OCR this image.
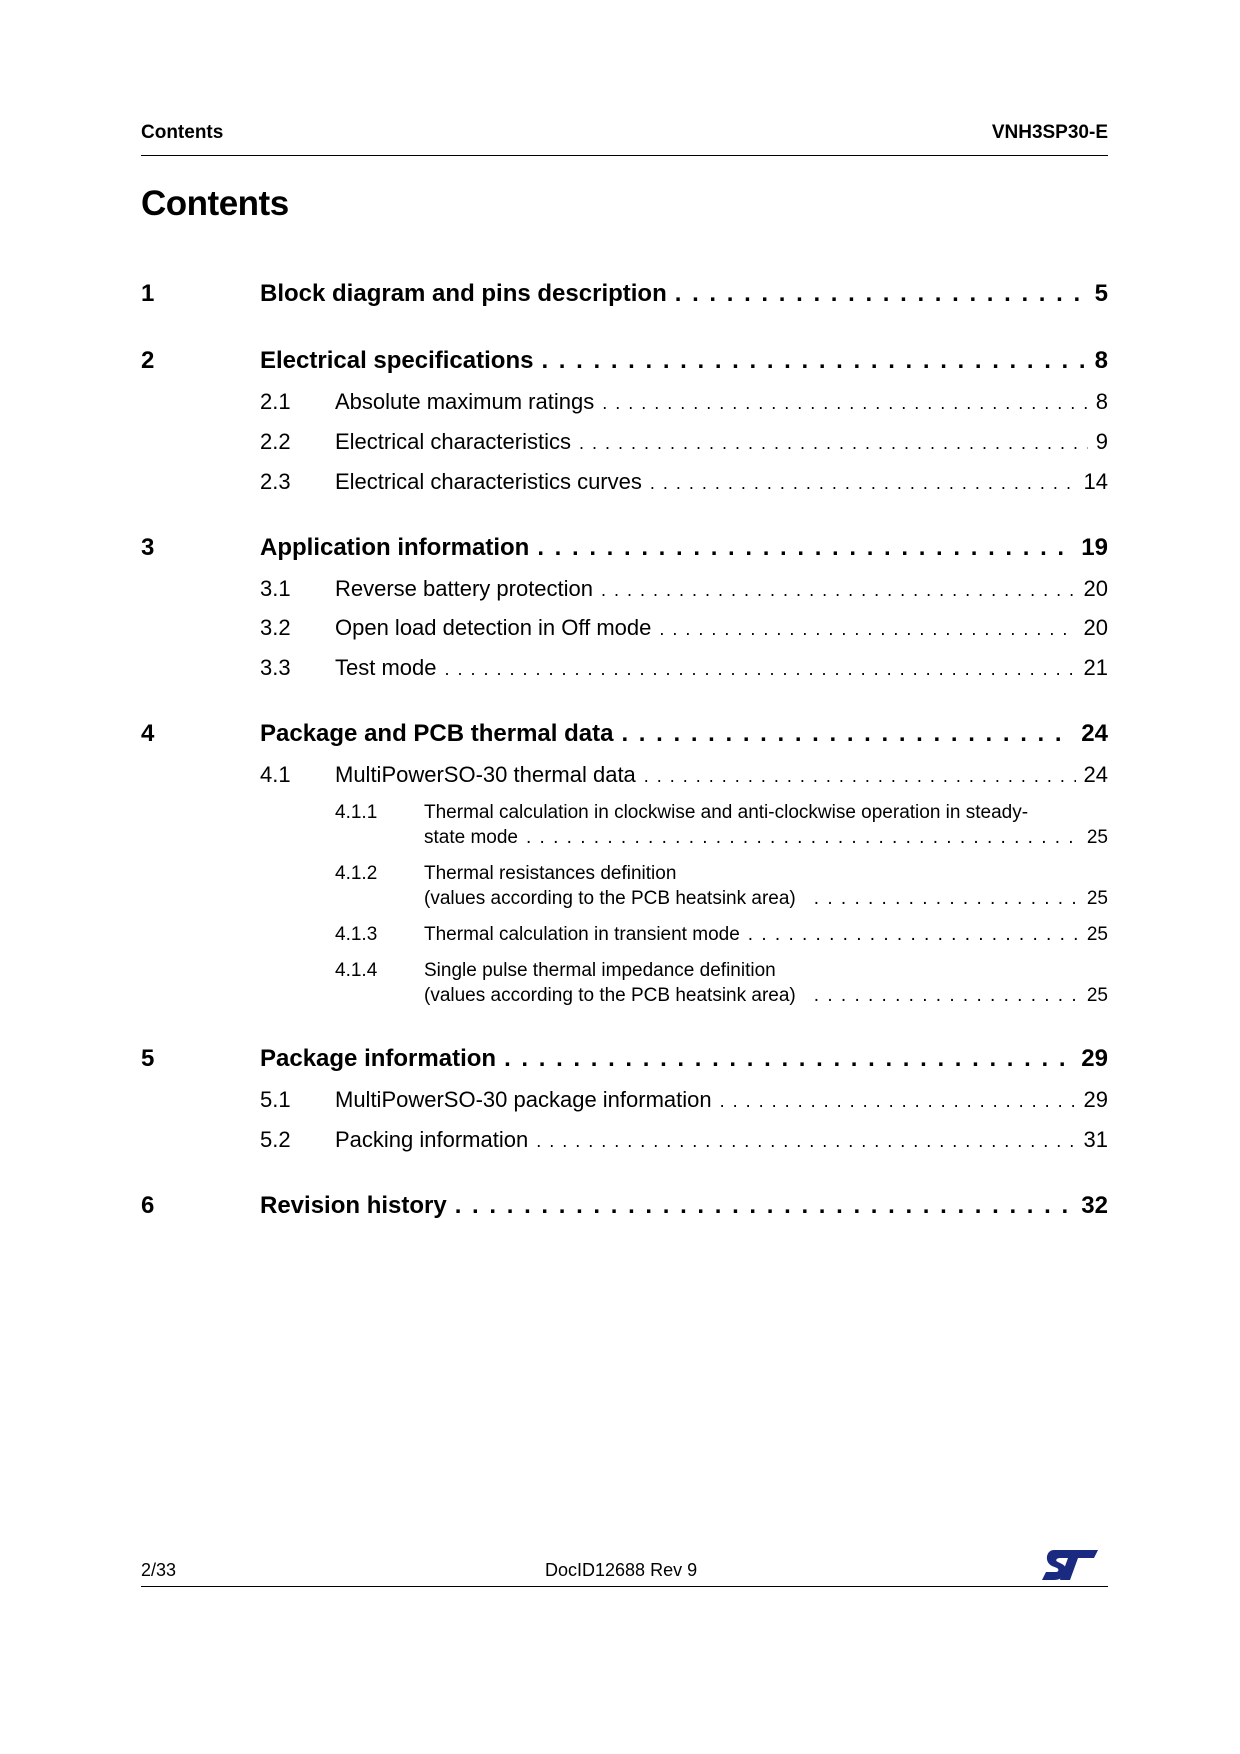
Contents	VNH3SP30-E
Contents
1	Block diagram and pins description . . .	5
2	Electrical specifications . . .	8
2.1 Absolute maximum ratings . . .	8
2.2 Electrical characteristics . . .	9
2.3 Electrical characteristics curves . . .	14
3	Application information . . .	19
3.1 Reverse battery protection . . .	20
3.2 Open load detection in Off mode . . .	20
3.3 Test mode . . .	21
4	Package and PCB thermal data . . .	24
4.1 MultiPowerSO-30 thermal data . . .	24
4.1.1 Thermal calculation in clockwise and anti-clockwise operation in steady-
state mode . . .	25
4.1.2 Thermal resistances definition
(values according to the PCB heatsink area) . . .	25
4.1.3 Thermal calculation in transient mode . . .	25
4.1.4 Single pulse thermal impedance definition
(values according to the PCB heatsink area) . . .	25
5	Package information . . .	29
5.1 MultiPowerSO-30 package information . . .	29
5.2 Packing information . . .	31
6	Revision history . . .	32
2/33	DocID12688 Rev 9
